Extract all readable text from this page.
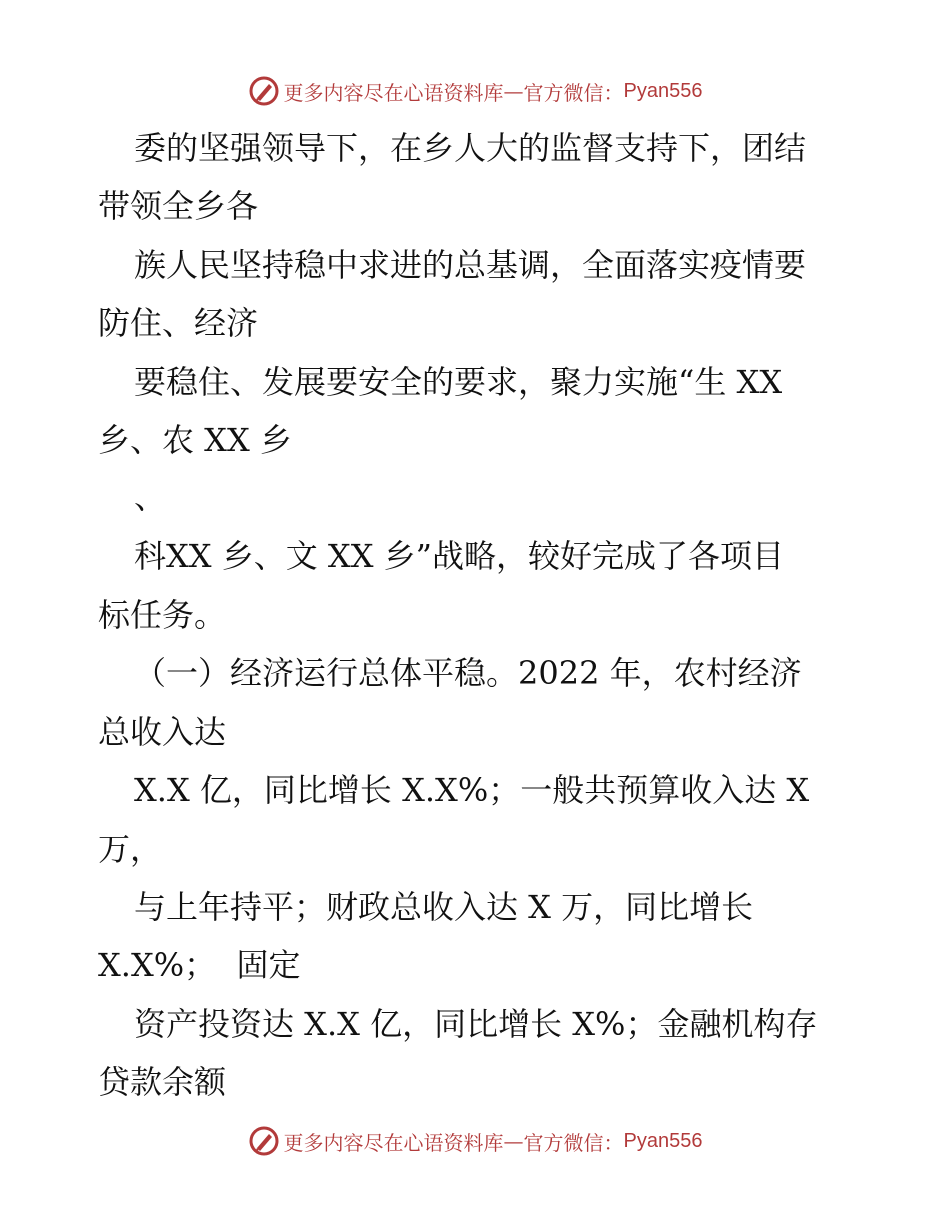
更多内容尽在心语资料库 — 官方微信： Pyan556
委的坚强领导下，在乡人大的监督支持下，团结
带领全乡各
族人民坚持稳中求进的总基调，全面落实疫情要
防住、经济
要稳住、发展要安全的要求，聚力实施“生 XX
乡、农 XX 乡
、
科XX 乡、文 XX 乡”战略，较好完成了各项目
标任务。
（一）经济运行总体平稳。2022 年，农村经济
总收入达
X.X 亿，同比增长 X.X%；一般共预算收入达 X
万，
与上年持平；财政总收入达 X 万，同比增长
X.X%；  固定
资产投资达 X.X 亿，同比增长 X%；金融机构存
贷款余额
更多内容尽在心语资料库 — 官方微信： Pyan556
